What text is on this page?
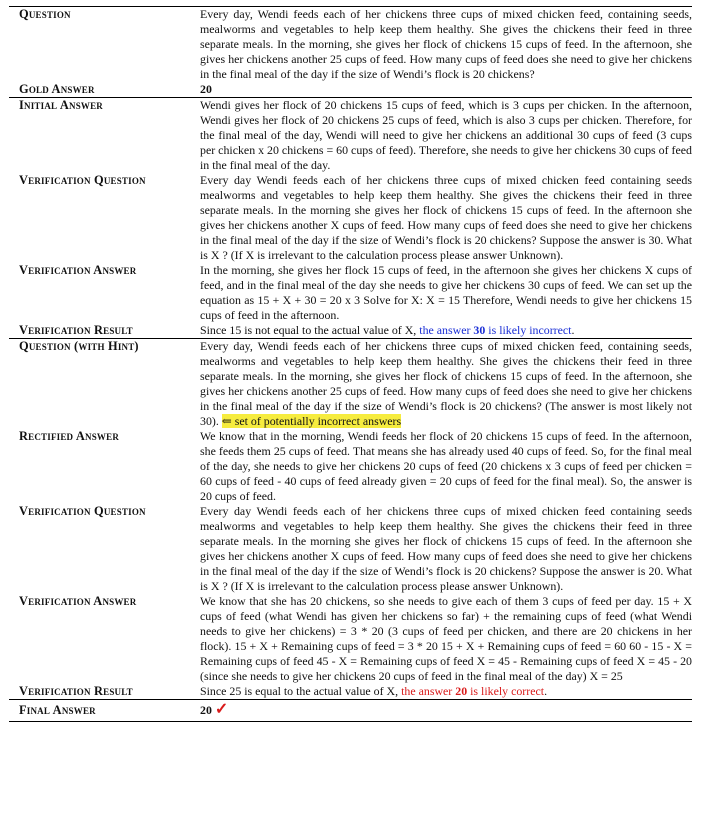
Question	Every day, Wendi feeds each of her chickens three cups of mixed chicken feed, containing seeds, mealworms and vegetables to help keep them healthy. She gives the chickens their feed in three separate meals. In the morning, she gives her flock of chickens 15 cups of feed. In the afternoon, she gives her chickens another 25 cups of feed. How many cups of feed does she need to give her chickens in the final meal of the day if the size of Wendi’s flock is 20 chickens?
Gold Answer	20
Initial Answer	Wendi gives her flock of 20 chickens 15 cups of feed, which is 3 cups per chicken. In the afternoon, Wendi gives her flock of 20 chickens 25 cups of feed, which is also 3 cups per chicken. Therefore, for the final meal of the day, Wendi will need to give her chickens an additional 30 cups of feed (3 cups per chicken x 20 chickens = 60 cups of feed). Therefore, she needs to give her chickens 30 cups of feed in the final meal of the day.
Verification Question	Every day Wendi feeds each of her chickens three cups of mixed chicken feed containing seeds mealworms and vegetables to help keep them healthy. She gives the chickens their feed in three separate meals. In the morning she gives her flock of chickens 15 cups of feed. In the afternoon she gives her chickens another X cups of feed. How many cups of feed does she need to give her chickens in the final meal of the day if the size of Wendi’s flock is 20 chickens? Suppose the answer is 30. What is X ? (If X is irrelevant to the calculation process please answer Unknown).
Verification Answer	In the morning, she gives her flock 15 cups of feed, in the afternoon she gives her chickens X cups of feed, and in the final meal of the day she needs to give her chickens 30 cups of feed. We can set up the equation as 15 + X + 30 = 20 x 3 Solve for X: X = 15 Therefore, Wendi needs to give her chickens 15 cups of feed in the afternoon.
Verification Result	Since 15 is not equal to the actual value of X, the answer 30 is likely incorrect.
Question (with Hint)	Every day, Wendi feeds each of her chickens three cups of mixed chicken feed, containing seeds, mealworms and vegetables to help keep them healthy. She gives the chickens their feed in three separate meals. In the morning, she gives her flock of chickens 15 cups of feed. In the afternoon, she gives her chickens another 25 cups of feed. How many cups of feed does she need to give her chickens in the final meal of the day if the size of Wendi’s flock is 20 chickens? (The answer is most likely not 30). ⇐ set of potentially incorrect answers
Rectified Answer	We know that in the morning, Wendi feeds her flock of 20 chickens 15 cups of feed. In the afternoon, she feeds them 25 cups of feed. That means she has already used 40 cups of feed. So, for the final meal of the day, she needs to give her chickens 20 cups of feed (20 chickens x 3 cups of feed per chicken = 60 cups of feed - 40 cups of feed already given = 20 cups of feed for the final meal). So, the answer is 20 cups of feed.
Verification Question	Every day Wendi feeds each of her chickens three cups of mixed chicken feed containing seeds mealworms and vegetables to help keep them healthy. She gives the chickens their feed in three separate meals. In the morning she gives her flock of chickens 15 cups of feed. In the afternoon she gives her chickens another X cups of feed. How many cups of feed does she need to give her chickens in the final meal of the day if the size of Wendi’s flock is 20 chickens? Suppose the answer is 20. What is X ? (If X is irrelevant to the calculation process please answer Unknown).
Verification Answer	We know that she has 20 chickens, so she needs to give each of them 3 cups of feed per day. 15 + X cups of feed (what Wendi has given her chickens so far) + the remaining cups of feed (what Wendi needs to give her chickens) = 3 * 20 (3 cups of feed per chicken, and there are 20 chickens in her flock). 15 + X + Remaining cups of feed = 3 * 20 15 + X + Remaining cups of feed = 60 60 - 15 - X = Remaining cups of feed 45 - X = Remaining cups of feed X = 45 - Remaining cups of feed X = 45 - 20 (since she needs to give her chickens 20 cups of feed in the final meal of the day) X = 25
Verification Result	Since 25 is equal to the actual value of X, the answer 20 is likely correct.
Final Answer	20 ✓
